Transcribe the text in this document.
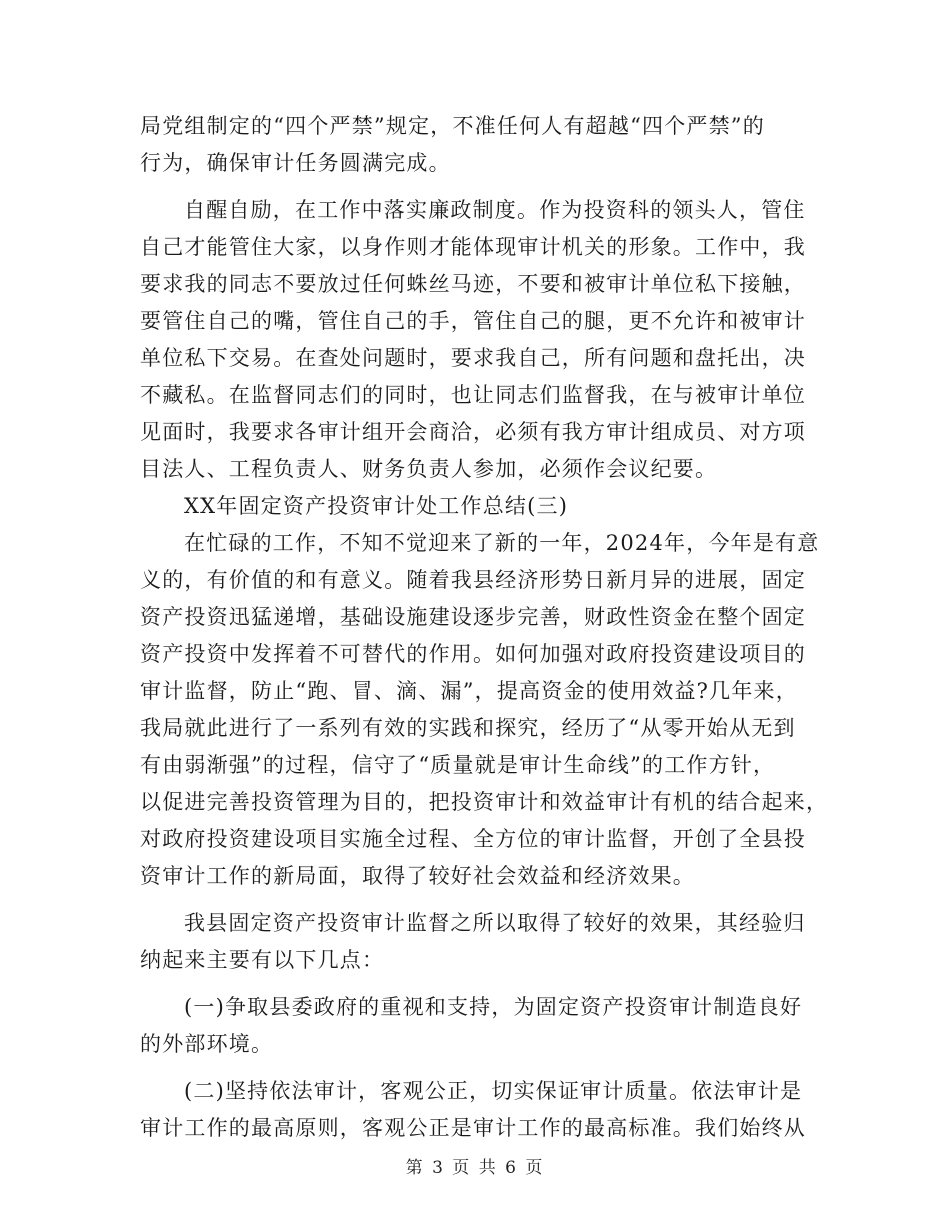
局党组制定的“四个严禁”规定，不准任何人有超越“四个严禁”的
行为，确保审计任务圆满完成。
自醒自励，在工作中落实廉政制度。作为投资科的领头人，管住
自己才能管住大家，以身作则才能体现审计机关的形象。工作中，我
要求我的同志不要放过任何蛛丝马迹，不要和被审计单位私下接触，
要管住自己的嘴，管住自己的手，管住自己的腿，更不允许和被审计
单位私下交易。在查处问题时，要求我自己，所有问题和盘托出，决
不藏私。在监督同志们的同时，也让同志们监督我，在与被审计单位
见面时，我要求各审计组开会商洽，必须有我方审计组成员、对方项
目法人、工程负责人、财务负责人参加，必须作会议纪要。
XX年固定资产投资审计处工作总结(三)
在忙碌的工作，不知不觉迎来了新的一年，2024年，今年是有意
义的，有价值的和有意义。随着我县经济形势日新月异的进展，固定
资产投资迅猛递增，基础设施建设逐步完善，财政性资金在整个固定
资产投资中发挥着不可替代的作用。如何加强对政府投资建设项目的
审计监督，防止“跑、冒、滴、漏”，提高资金的使用效益?几年来，
我局就此进行了一系列有效的实践和探究，经历了“从零开始从无到
有由弱渐强”的过程，信守了“质量就是审计生命线”的工作方针，
以促进完善投资管理为目的，把投资审计和效益审计有机的结合起来，
对政府投资建设项目实施全过程、全方位的审计监督，开创了全县投
资审计工作的新局面，取得了较好社会效益和经济效果。
我县固定资产投资审计监督之所以取得了较好的效果，其经验归
纳起来主要有以下几点：
(一)争取县委政府的重视和支持，为固定资产投资审计制造良好
的外部环境。
(二)坚持依法审计，客观公正，切实保证审计质量。依法审计是
审计工作的最高原则，客观公正是审计工作的最高标准。我们始终从
第 3 页 共 6 页
